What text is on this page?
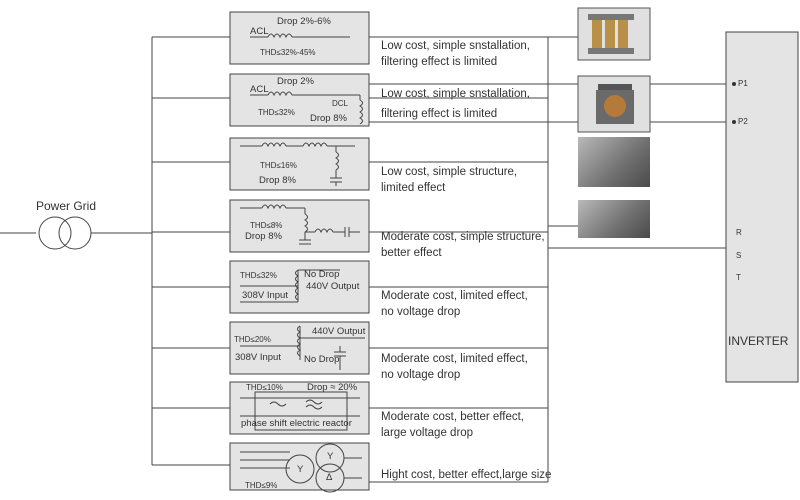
Power Grid
P1
P2
R
S
T
INVERTER
Drop 2%-6%
ACL
THD≤32%-45%
Drop 2%
ACL
DCL
THD≤32%
Drop 8%
THD≤16%
Drop 8%
THD≤8%
Drop 8%
THD≤32%	No Drop
440V Output
308V Input
440V Output
THD≤20%
308V Input No Drop
THD≤10%	Drop ≈ 20%
phase shift electric reactor
Y
Y
Δ
THD≤9%
Low cost, simple snstallation,
filtering effect is limited
Low cost, simple snstallation,
filtering effect is limited
Low cost, simple structure,
limited effect
Moderate cost, simple structure,
better effect
Moderate cost, limited effect,
no voltage drop
Moderate cost, limited effect,
no voltage drop
Moderate cost, better effect,
large voltage drop
Hight cost, better effect,large size
